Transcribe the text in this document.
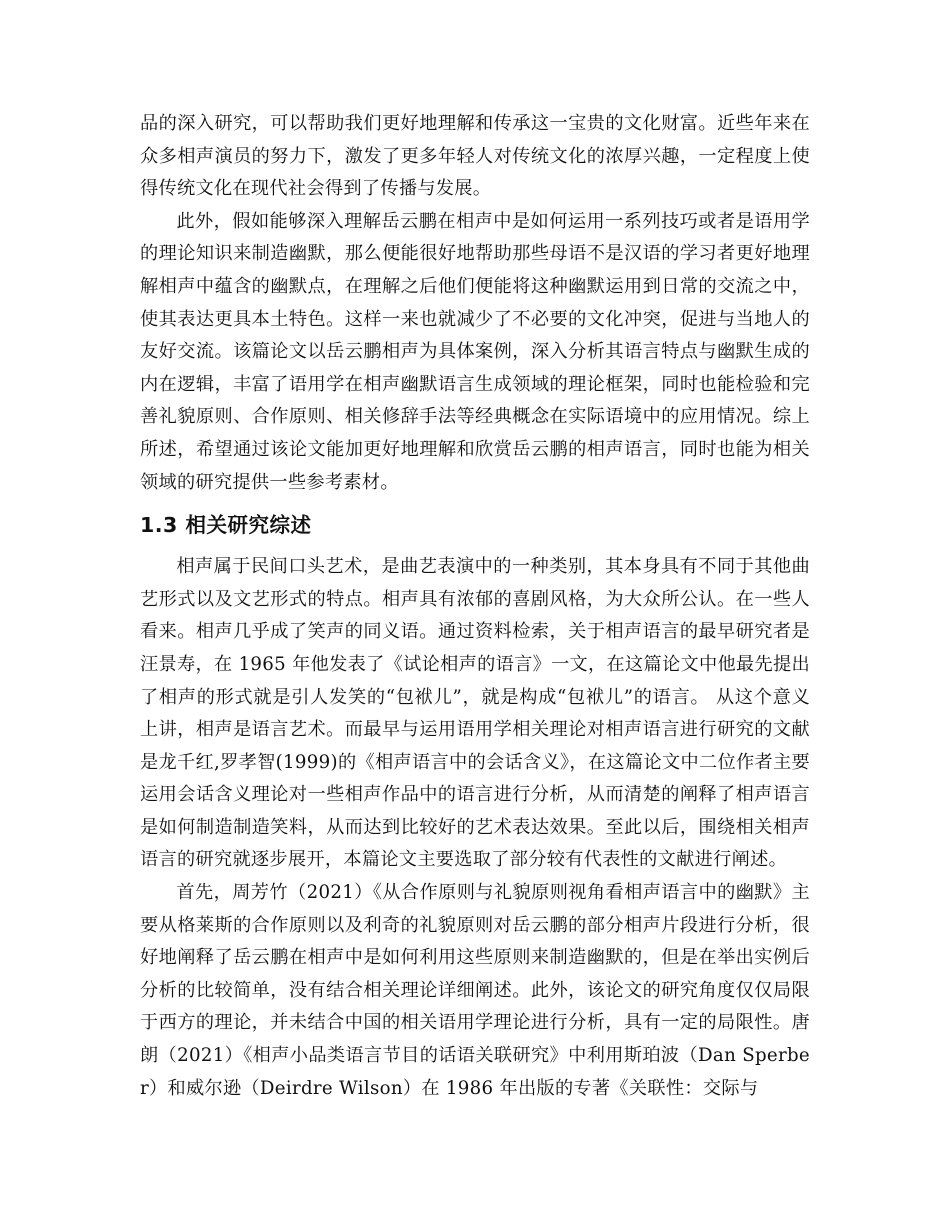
品的深入研究，可以帮助我们更好地理解和传承这一宝贵的文化财富。近些年来在众多相声演员的努力下，激发了更多年轻人对传统文化的浓厚兴趣，一定程度上使得传统文化在现代社会得到了传播与发展。

此外，假如能够深入理解岳云鹏在相声中是如何运用一系列技巧或者是语用学的理论知识来制造幽默，那么便能很好地帮助那些母语不是汉语的学习者更好地理解相声中蕴含的幽默点，在理解之后他们便能将这种幽默运用到日常的交流之中，使其表达更具本土特色。这样一来也就减少了不必要的文化冲突，促进与当地人的友好交流。该篇论文以岳云鹏相声为具体案例，深入分析其语言特点与幽默生成的内在逻辑，丰富了语用学在相声幽默语言生成领域的理论框架，同时也能检验和完善礼貌原则、合作原则、相关修辞手法等经典概念在实际语境中的应用情况。综上所述，希望通过该论文能加更好地理解和欣赏岳云鹏的相声语言，同时也能为相关领域的研究提供一些参考素材。

1.3 相关研究综述

相声属于民间口头艺术，是曲艺表演中的一种类别，其本身具有不同于其他曲艺形式以及文艺形式的特点。相声具有浓郁的喜剧风格，为大众所公认。在一些人看来。相声几乎成了笑声的同义语。通过资料检索，关于相声语言的最早研究者是汪景寿，在 1965 年他发表了《试论相声的语言》一文，在这篇论文中他最先提出了相声的形式就是引人发笑的“包袱儿”，就是构成“包袱儿”的语言。 从这个意义上讲，相声是语言艺术。而最早与运用语用学相关理论对相声语言进行研究的文献是龙千红,罗孝智(1999)的《相声语言中的会话含义》，在这篇论文中二位作者主要运用会话含义理论对一些相声作品中的语言进行分析，从而清楚的阐释了相声语言是如何制造制造笑料，从而达到比较好的艺术表达效果。至此以后，围绕相关相声语言的研究就逐步展开，本篇论文主要选取了部分较有代表性的文献进行阐述。

首先，周芳竹（2021）《从合作原则与礼貌原则视角看相声语言中的幽默》主要从格莱斯的合作原则以及利奇的礼貌原则对岳云鹏的部分相声片段进行分析，很好地阐释了岳云鹏在相声中是如何利用这些原则来制造幽默的，但是在举出实例后分析的比较简单，没有结合相关理论详细阐述。此外，该论文的研究角度仅仅局限于西方的理论，并未结合中国的相关语用学理论进行分析，具有一定的局限性。唐朗（2021）《相声小品类语言节目的话语关联研究》中利用斯珀波（Dan Sperber）和威尔逊（Deirdre Wilson）在 1986 年出版的专著《关联性：交际与
